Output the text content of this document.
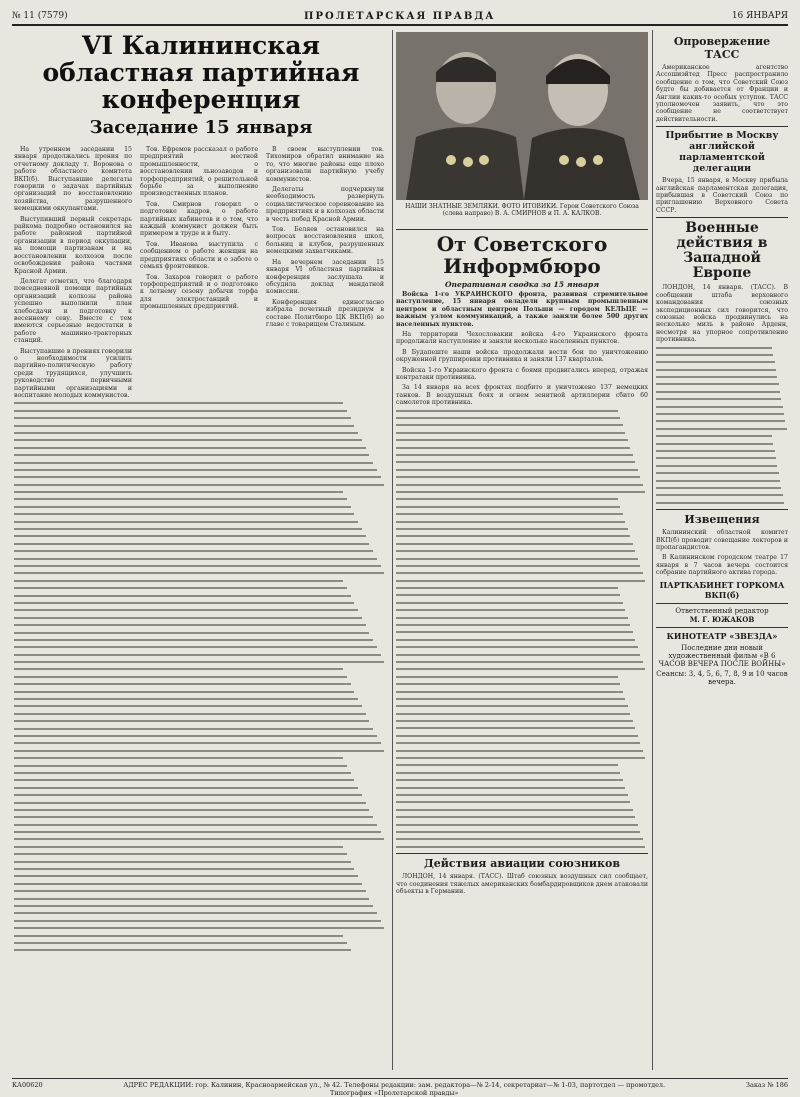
№ 11 (7579)	ПРОЛЕТАРСКАЯ ПРАВДА	16 ЯНВАРЯ
VI Калининская областная партийная конференция
Заседание 15 января

На утреннем заседании 15 января продолжались прения по отчетному докладу т. Воронова о работе областного комитета ВКП(б). Выступавшие делегаты говорили о задачах партийных организаций по восстановлению хозяйства, разрушенного немецкими оккупантами.

Выступивший первый секретарь райкома подробно остановился на работе районной партийной организации в период оккупации, на помощи партизанам и на восстановлении колхозов после освобождения района частями Красной Армии.

Делегат отметил, что благодаря повседневной помощи партийных организаций колхозы района успешно выполнили план хлебосдачи и подготовку к весеннему севу. Вместе с тем имеются серьезные недостатки в работе машинно-тракторных станций.

Выступавшие в прениях говорили о необходимости усилить партийно-политическую работу среди трудящихся, улучшить руководство первичными партийными организациями и воспитание молодых коммунистов.

Тов. Ефремов рассказал о работе предприятий местной промышленности, о восстановлении льнозаводов и торфопредприятий, о решительной борьбе за выполнение производственных планов.

Тов. Смирнов говорил о подготовке кадров, о работе партийных кабинетов и о том, что каждый коммунист должен быть примером в труде и в быту.

Тов. Иванова выступила с сообщением о работе женщин на предприятиях области и о заботе о семьях фронтовиков.

Тов. Захаров говорил о работе торфопредприятий и о подготовке к летнему сезону добычи торфа для электростанций и промышленных предприятий.

В своем выступлении тов. Тихомиров обратил внимание на то, что многие районы еще плохо организовали партийную учебу коммунистов.

Делегаты подчеркнули необходимость развернуть социалистическое соревнование на предприятиях и в колхозах области в честь побед Красной Армии.

Тов. Беляев остановился на вопросах восстановления школ, больниц и клубов, разрушенных немецкими захватчиками.

На вечернем заседании 15 января VI областная партийная конференция заслушала и обсудила доклад мандатной комиссии.

Конференция единогласно избрала почетный президиум в составе Политбюро ЦК ВКП(б) во главе с товарищем Сталиным.

НАШИ ЗНАТНЫЕ ЗЕМЛЯКИ. ФОТО ИТОВИКИ. Герои Советского Союза (слева направо) В. А. СМИРНОВ и П. А. КАЛКОВ.
От Советского Информбюро
Оперативная сводка за 15 января

Войска 1-го УКРАИНСКОГО фронта, развивая стремительное наступление, 15 января овладели крупным промышленным центром и областным центром Польши — городом КЕЛЬЦЕ — важным узлом коммуникаций, а также заняли более 500 других населенных пунктов.

На территории Чехословакии войска 4-го Украинского фронта продолжали наступление и заняли несколько населенных пунктов.

В Будапеште наши войска продолжали вести бои по уничтожению окруженной группировки противника и заняли 137 кварталов.

Войска 1-го Украинского фронта с боями продвигались вперед, отражая контратаки противника.

За 14 января на всех фронтах подбито и уничтожено 137 немецких танков. В воздушных боях и огнем зенитной артиллерии сбито 60 самолетов противника.

Действия авиации союзников

ЛОНДОН, 14 января. (ТАСС). Штаб союзных воздушных сил сообщает, что соединения тяжелых американских бомбардировщиков днем атаковали объекты в Германии.

Опровержение ТАСС

Американское агентство Ассошиэйтед Пресс распространило сообщение о том, что Советский Союз будто бы добивается от Франции и Англии каких-то особых уступок. ТАСС уполномочен заявить, что это сообщение не соответствует действительности.

Прибытие в Москву английской парламентской делегации

Вчера, 15 января, в Москву прибыла английская парламентская делегация, прибывшая в Советский Союз по приглашению Верховного Совета СССР.

Военные действия в Западной Европе

ЛОНДОН, 14 января. (ТАСС). В сообщении штаба верховного командования союзных экспедиционных сил говорится, что союзные войска продвинулись на несколько миль в районе Арденн, несмотря на упорное сопротивление противника.

Извещения

Калининский областной комитет ВКП(б) проводит совещание лекторов и пропагандистов.

В Калининском городском театре 17 января в 7 часов вечера состоится собрание партийного актива города.

ПАРТКАБИНЕТ ГОРКОМА ВКП(б)
Ответственный редактор
М. Г. ЮЖАКОВ
КИНОТЕАТР «ЗВЕЗДА»
Последние дни новый художественный фильм «В 6 ЧАСОВ ВЕЧЕРА ПОСЛЕ ВОЙНЫ»
Сеансы: 3, 4, 5, 6, 7, 8, 9 и 10 часов вечера.
КА00620	АДРЕС РЕДАКЦИИ: гор. Калинин, Красноармейская ул., № 42. Телефоны редакции: зам. редактора—№ 2-14, секретариат—№ 1-03, партотдел — промотдел. Типография «Пролетарской правды»
Заказ № 186
